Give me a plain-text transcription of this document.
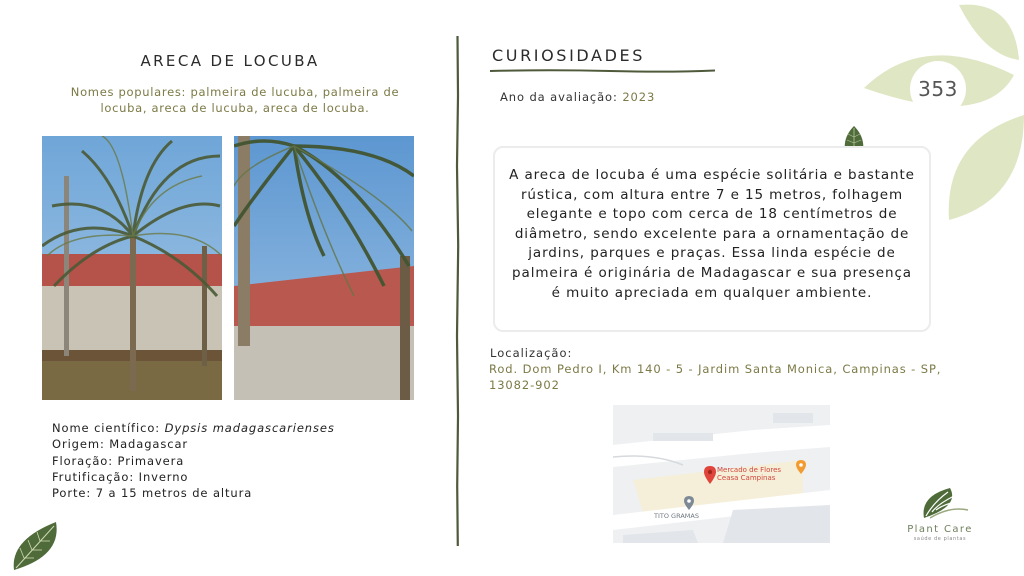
ARECA DE LOCUBA
Nomes populares: palmeira de lucuba, palmeira de locuba, areca de lucuba, areca de locuba.
Nome científico: Dypsis madagascarienses
Origem: Madagascar
Floração: Primavera
Frutificação: Inverno
Porte: 7 a 15 metros de altura
CURIOSIDADES
Ano da avaliação: 2023	353
A areca de locuba é uma espécie solitária e bastante rústica, com altura entre 7 e 15 metros, folhagem elegante e topo com cerca de 18 centímetros de diâmetro, sendo excelente para a ornamentação de jardins, parques e praças. Essa linda espécie de palmeira é originária de Madagascar e sua presença é muito apreciada em qualquer ambiente.
Localização:
Rod. Dom Pedro I, Km 140 - 5 - Jardim Santa Monica, Campinas - SP, 13082-902
Mercado de Flores
Ceasa Campinas
TITO GRAMAS
Plant Care
saúde de plantas
